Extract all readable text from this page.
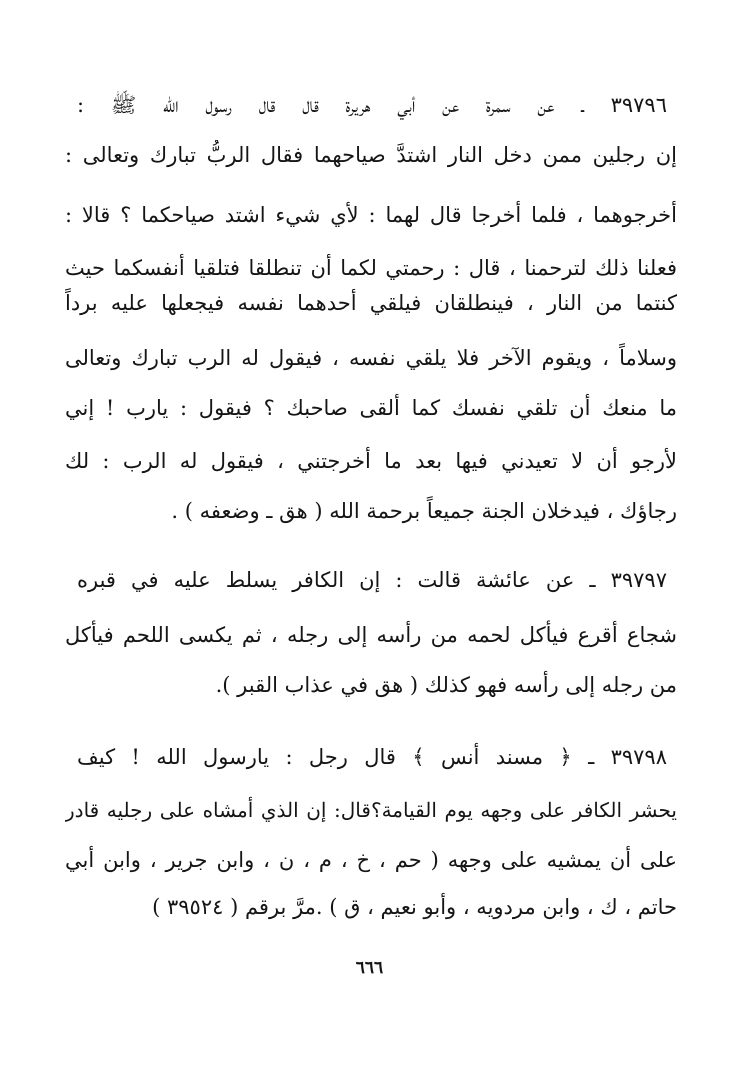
٣٩٧٩٦ ـ عن سمرة عن أبي هريرة قال قال رسول الله ﷺ :
إن رجلين ممن دخل النار اشتدَّ صياحهما فقال الربُّ تبارك وتعالى :
أخرجوهما ، فلما أخرجا قال لهما : لأي شيء اشتد صياحكما ؟ قالا :
فعلنا ذلك لترحمنا ، قال : رحمتي لكما أن تنطلقا فتلقيا أنفسكما حيث
كنتما من النار ، فينطلقان فيلقي أحدهما نفسه فيجعلها عليه برداً
وسلاماً ، ويقوم الآخر فلا يلقي نفسه ، فيقول له الرب تبارك وتعالى
ما منعك أن تلقي نفسك كما ألقى صاحبك ؟ فيقول : يارب ! إني
لأرجو أن لا تعيدني فيها بعد ما أخرجتني ، فيقول له الرب : لك
رجاؤك ، فيدخلان الجنة جميعاً برحمة الله ( هق ـ وضعفه ) .
٣٩٧٩٧ ـ عن عائشة قالت : إن الكافر يسلط عليه في قبره
شجاع أقرع فيأكل لحمه من رأسه إلى رجله ، ثم يكسى اللحم فيأكل
من رجله إلى رأسه فهو كذلك ( هق في عذاب القبر ).
٣٩٧٩٨ ـ ﴿ مسند أنس ﴾ قال رجل : يارسول الله ! كيف
يحشر الكافر على وجهه يوم القيامة؟قال: إن الذي أمشاه على رجليه قادر
على أن يمشيه على وجهه ( حم ، خ ، م ، ن ، وابن جرير ، وابن أبي
حاتم ، ك ، وابن مردويه ، وأبو نعيم ، ق ) .مرَّ برقم ( ٣٩٥٢٤ )
٦٦٦
